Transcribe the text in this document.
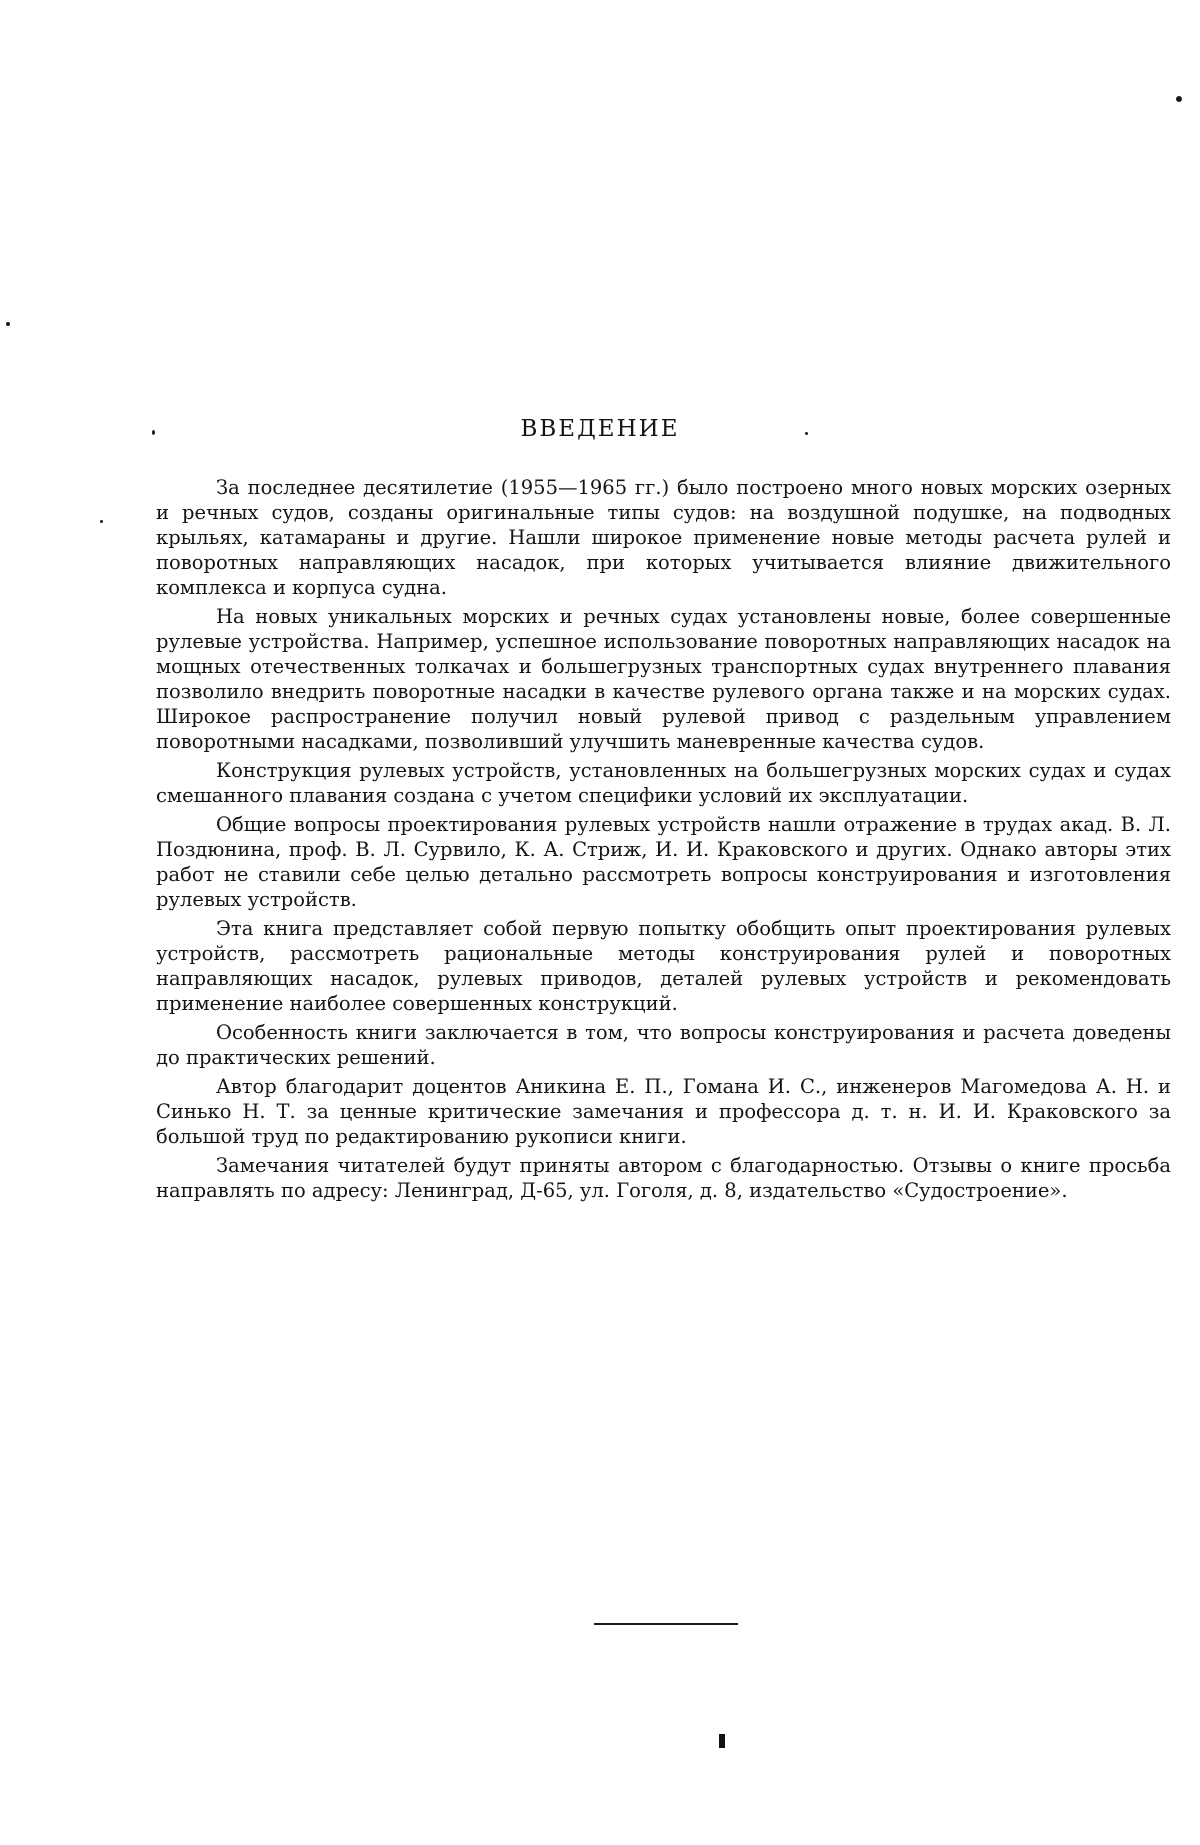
ВВЕДЕНИЕ

За последнее десятилетие (1955—1965 гг.) было построено много новых морских озерных и речных судов, созданы оригинальные типы судов: на воздушной подушке, на подводных крыльях, катамараны и другие. Нашли широкое применение новые методы расчета рулей и поворотных направляющих насадок, при которых учитывается влияние движительного комплекса и корпуса судна.

На новых уникальных морских и речных судах установлены новые, более совершенные рулевые устройства. Например, успешное использование поворотных направляющих насадок на мощных отечественных толкачах и большегрузных транспортных судах внутреннего плавания позволило внедрить поворотные насадки в качестве рулевого органа также и на морских судах. Широкое распространение получил новый рулевой привод с раздельным управлением поворотными насадками, позволивший улучшить маневренные качества судов.

Конструкция рулевых устройств, установленных на большегрузных морских судах и судах смешанного плавания создана с учетом специфики условий их эксплуатации.

Общие вопросы проектирования рулевых устройств нашли отражение в трудах акад. В. Л. Поздюнина, проф. В. Л. Сурвило, К. А. Стриж, И. И. Краковского и других. Однако авторы этих работ не ставили себе целью детально рассмотреть вопросы конструирования и изготовления рулевых устройств.

Эта книга представляет собой первую попытку обобщить опыт проектирования рулевых устройств, рассмотреть рациональные методы конструирования рулей и поворотных направляющих насадок, рулевых приводов, деталей рулевых устройств и рекомендовать применение наиболее совершенных конструкций.

Особенность книги заключается в том, что вопросы конструирования и расчета доведены до практических решений.

Автор благодарит доцентов Аникина Е. П., Гомана И. С., инженеров Магомедова А. Н. и Синько Н. Т. за ценные критические замечания и профессора д. т. н. И. И. Краковского за большой труд по редактированию рукописи книги.

Замечания читателей будут приняты автором с благодарностью. Отзывы о книге просьба направлять по адресу: Ленинград, Д-65, ул. Гоголя, д. 8, издательство «Судостроение».
